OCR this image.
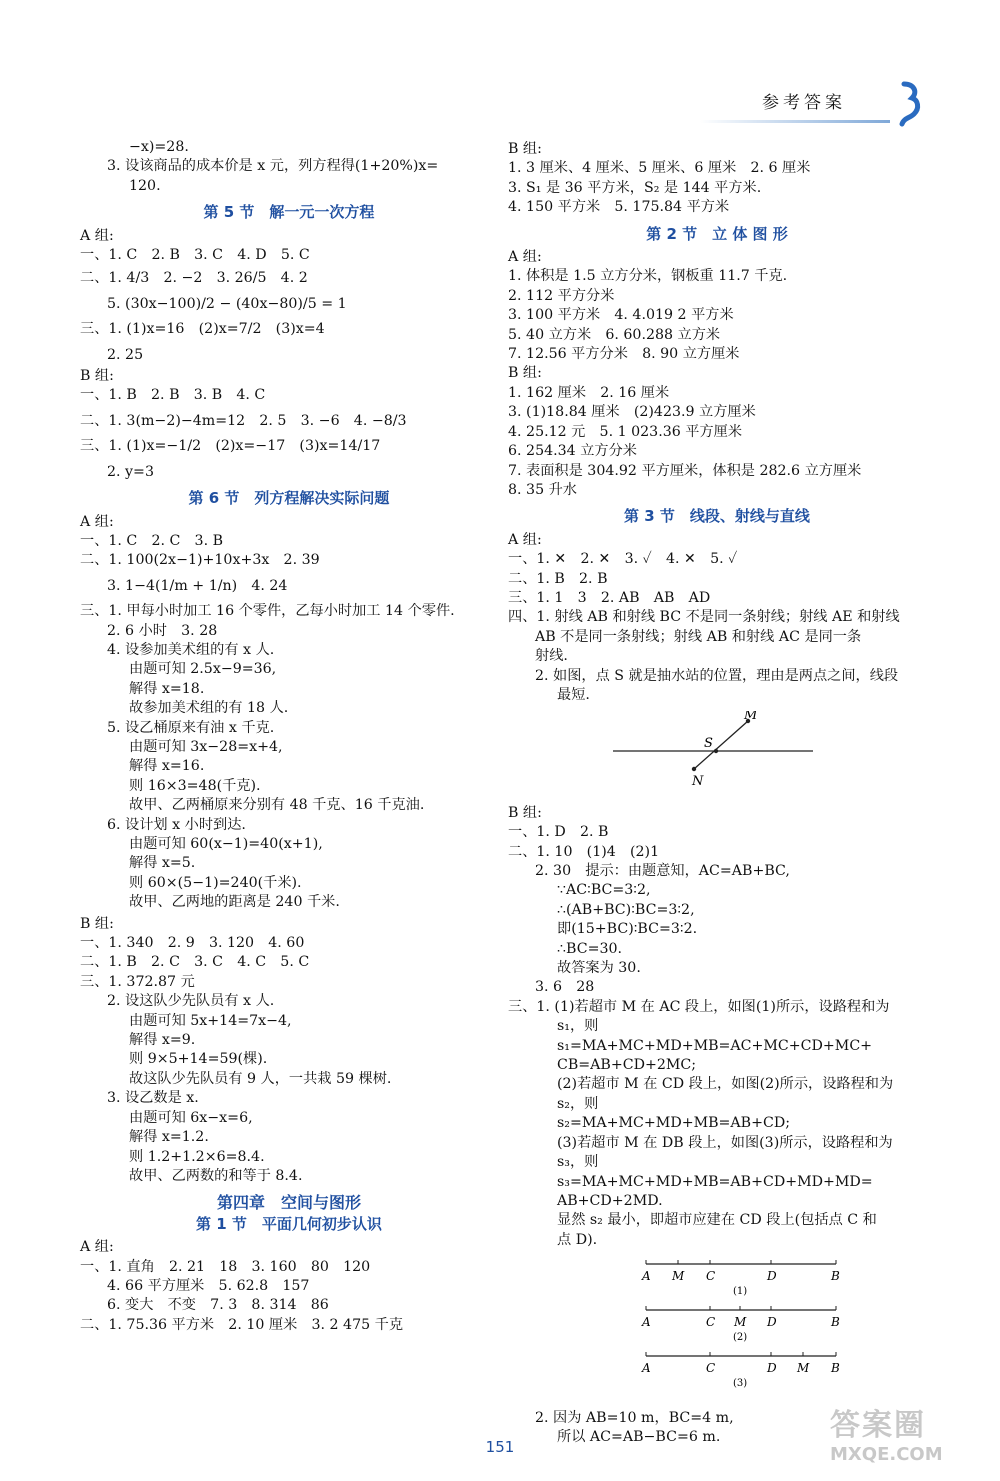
参考答案
−x)=28.
3. 设该商品的成本价是 x 元，列方程得(1+20%)x=
120.
第 5 节　解一元一次方程
A 组:
一、1. C　2. B　3. C　4. D　5. C
二、1. 4/3　2. −2　3. 26/5　4. 2
5. (30x−100)/2 − (40x−80)/5 = 1
三、1. (1)x=16　(2)x=7/2　(3)x=4
2. 25
B 组:
一、1. B　2. B　3. B　4. C
二、1. 3(m−2)−4m=12　2. 5　3. −6　4. −8/3
三、1. (1)x=−1/2　(2)x=−17　(3)x=14/17
2. y=3
第 6 节　列方程解决实际问题
A 组:
一、1. C　2. C　3. B
二、1. 100(2x−1)+10x+3x　2. 39
3. 1−4(1/m + 1/n)　4. 24
三、1. 甲每小时加工 16 个零件，乙每小时加工 14 个零件.
2. 6 小时　3. 28
4. 设参加美术组的有 x 人.
由题可知 2.5x−9=36,
解得 x=18.
故参加美术组的有 18 人.
5. 设乙桶原来有油 x 千克.
由题可知 3x−28=x+4,
解得 x=16.
则 16×3=48(千克).
故甲、乙两桶原来分别有 48 千克、16 千克油.
6. 设计划 x 小时到达.
由题可知 60(x−1)=40(x+1),
解得 x=5.
则 60×(5−1)=240(千米).
故甲、乙两地的距离是 240 千米.
B 组:
一、1. 340　2. 9　3. 120　4. 60
二、1. B　2. C　3. C　4. C　5. C
三、1. 372.87 元
2. 设这队少先队员有 x 人.
由题可知 5x+14=7x−4,
解得 x=9.
则 9×5+14=59(棵).
故这队少先队员有 9 人，一共栽 59 棵树.
3. 设乙数是 x.
由题可知 6x−x=6,
解得 x=1.2.
则 1.2+1.2×6=8.4.
故甲、乙两数的和等于 8.4.
第四章　空间与图形
第 1 节　平面几何初步认识
A 组:
一、1. 直角　2. 21　18　3. 160　80　120
4. 66 平方厘米　5. 62.8　157
6. 变大　不变　7. 3　8. 314　86
二、1. 75.36 平方米　2. 10 厘米　3. 2 475 千克
B 组:
1. 3 厘米、4 厘米、5 厘米、6 厘米　2. 6 厘米
3. S₁ 是 36 平方米，S₂ 是 144 平方米.
4. 150 平方米　5. 175.84 平方米
第 2 节　立 体 图 形
A 组:
1. 体积是 1.5 立方分米，钢板重 11.7 千克.
2. 112 平方分米
3. 100 平方米　4. 4.019 2 平方米
5. 40 立方米　6. 60.288 立方米
7. 12.56 平方分米　8. 90 立方厘米
B 组:
1. 162 厘米　2. 16 厘米
3. (1)18.84 厘米　(2)423.9 立方厘米
4. 25.12 元　5. 1 023.36 平方厘米
6. 254.34 立方分米
7. 表面积是 304.92 平方厘米，体积是 282.6 立方厘米
8. 35 升水
第 3 节　线段、射线与直线
A 组:
一、1. ✕　2. ✕　3. ✓　4. ✕　5. ✓
二、1. B　2. B
三、1. 1　3　2. AB　AB　AD
四、1. 射线 AB 和射线 BC 不是同一条射线；射线 AE 和射线
AB 不是同一条射线；射线 AB 和射线 AC 是同一条
射线.
2. 如图，点 S 就是抽水站的位置，理由是两点之间，线段
最短.
M
S
N
B 组:
一、1. D　2. B
二、1. 10　(1)4　(2)1
2. 30　提示：由题意知，AC=AB+BC,
∵AC∶BC=3∶2,
∴(AB+BC)∶BC=3∶2,
即(15+BC)∶BC=3∶2.
∴BC=30.
故答案为 30.
3. 6　28
三、1. (1)若超市 M 在 AC 段上，如图(1)所示，设路程和为
s₁，则
s₁=MA+MC+MD+MB=AC+MC+CD+MC+
CB=AB+CD+2MC;
(2)若超市 M 在 CD 段上，如图(2)所示，设路程和为
s₂，则
s₂=MA+MC+MD+MB=AB+CD;
(3)若超市 M 在 DB 段上，如图(3)所示，设路程和为
s₃，则
s₃=MA+MC+MD+MB=AB+CD+MD+MD=
AB+CD+2MD.
显然 s₂ 最小，即超市应建在 CD 段上(包括点 C 和
点 D).
A M C	D	B
(1)
A	C M D	B
(2)
A	C	D M B
(3)
2. 因为 AB=10 m，BC=4 m,
所以 AC=AB−BC=6 m.
151
答案圈
MXQE.COM
